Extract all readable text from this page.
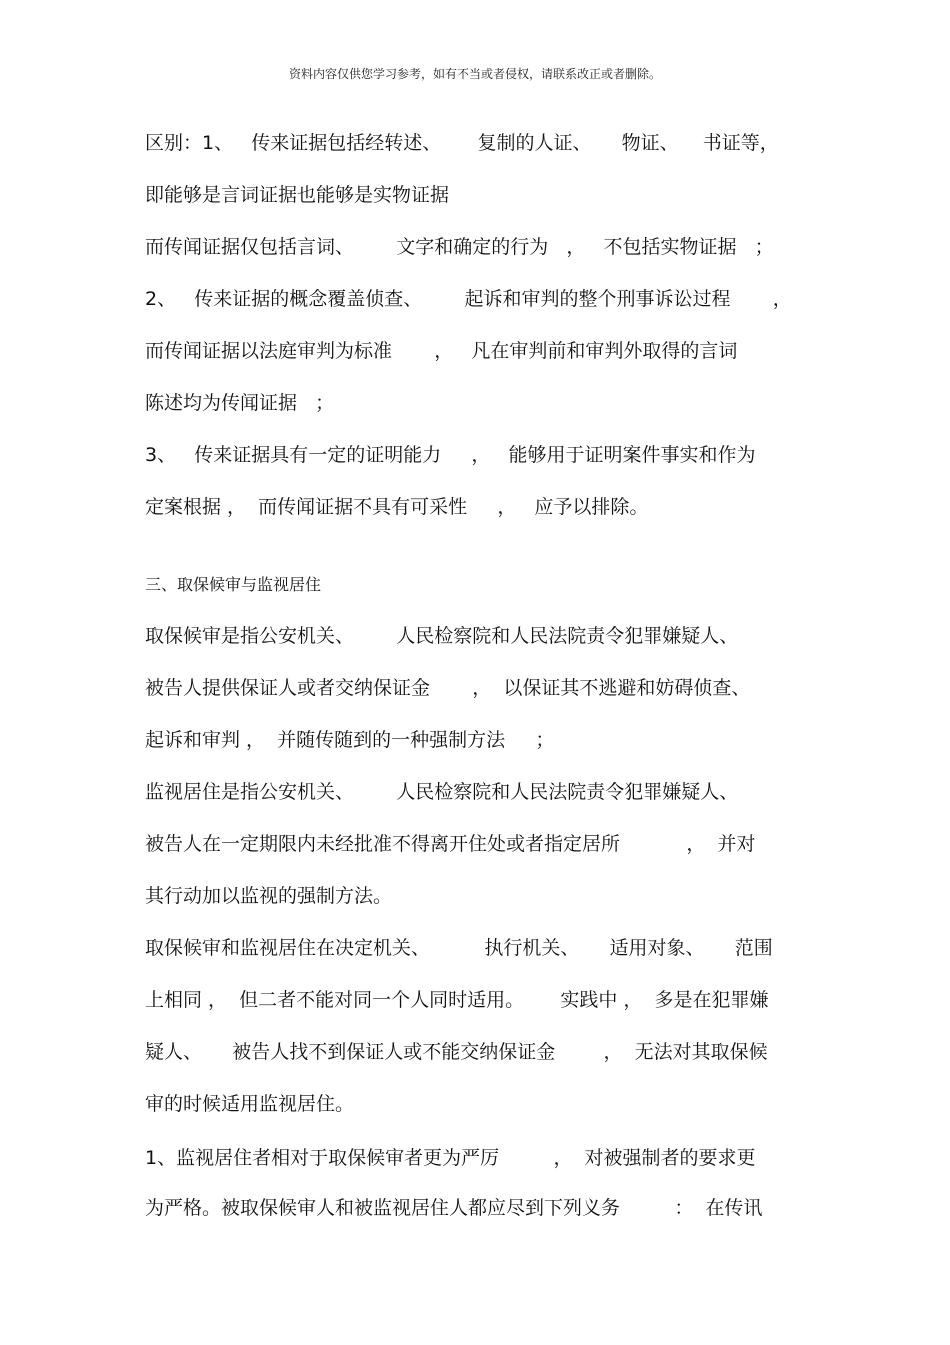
资料内容仅供您学习参考，如有不当或者侵权，请联系改正或者删除。
区别：1、   传来证据包括经转述、      复制的人证、     物证、    书证等，
即能够是言词证据也能够是实物证据
而传闻证据仅包括言词、       文字和确定的行为   ，   不包括实物证据   ；
2、   传来证据的概念覆盖侦查、       起诉和审判的整个刑事诉讼过程       ，
而传闻证据以法庭审判为标准       ，   凡在审判前和审判外取得的言词
陈述均为传闻证据   ；
3、   传来证据具有一定的证明能力     ，   能够用于证明案件事实和作为
定案根据 ，  而传闻证据不具有可采性     ，   应予以排除。
三、取保候审与监视居住
取保候审是指公安机关、       人民检察院和人民法院责令犯罪嫌疑人、
被告人提供保证人或者交纳保证金       ，  以保证其不逃避和妨碍侦查、
起诉和审判 ，  并随传随到的一种强制方法     ；
监视居住是指公安机关、       人民检察院和人民法院责令犯罪嫌疑人、
被告人在一定期限内未经批准不得离开住处或者指定居所           ，  并对
其行动加以监视的强制方法。
取保候审和监视居住在决定机关、         执行机关、     适用对象、     范围
上相同 ，  但二者不能对同一个人同时适用。      实践中 ，  多是在犯罪嫌
疑人、     被告人找不到保证人或不能交纳保证金        ，  无法对其取保候
审的时候适用监视居住。
1、监视居住者相对于取保候审者更为严厉         ，  对被强制者的要求更
为严格。被取保候审人和被监视居住人都应尽到下列义务         ：  在传讯
